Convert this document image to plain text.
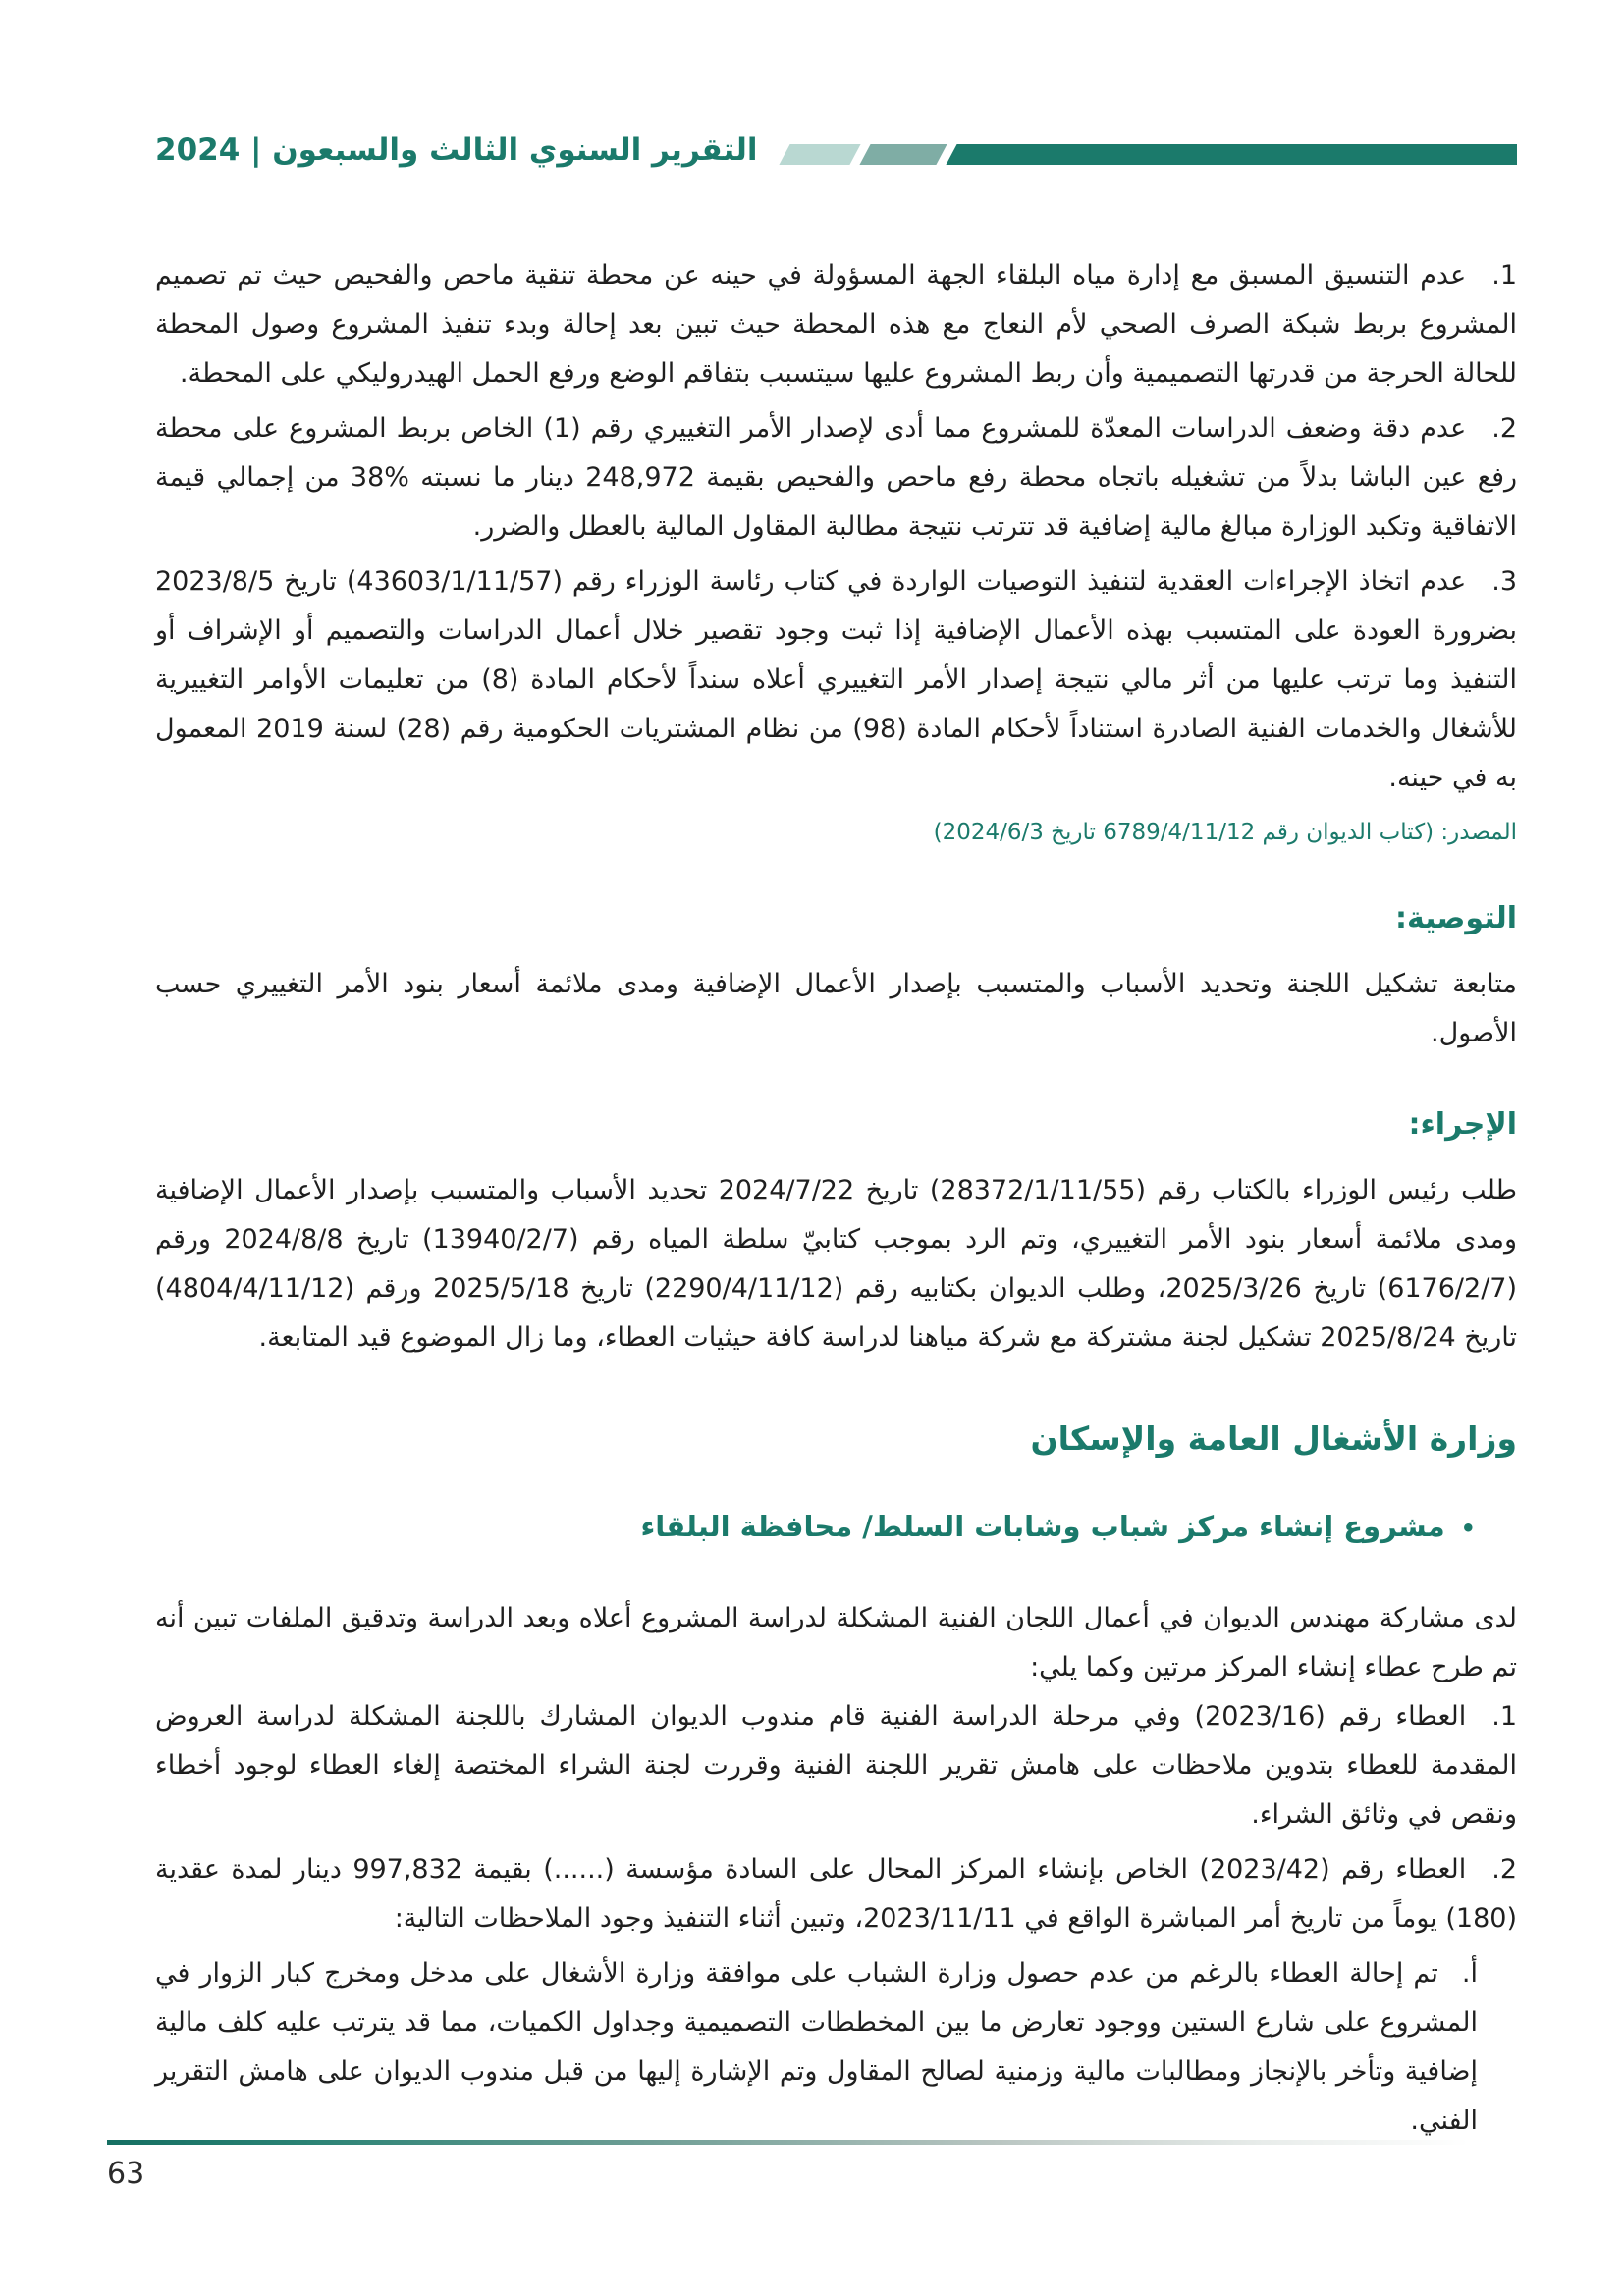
التقرير السنوي الثالث والسبعون | 2024

1.عدم التنسيق المسبق مع إدارة مياه البلقاء الجهة المسؤولة في حينه عن محطة تنقية ماحص والفحيص حيث تم تصميم المشروع بربط شبكة الصرف الصحي لأم النعاج مع هذه المحطة حيث تبين بعد إحالة وبدء تنفيذ المشروع وصول المحطة للحالة الحرجة من قدرتها التصميمية وأن ربط المشروع عليها سيتسبب بتفاقم الوضع ورفع الحمل الهيدروليكي على المحطة.

2.عدم دقة وضعف الدراسات المعدّة للمشروع مما أدى لإصدار الأمر التغييري رقم (1) الخاص بربط المشروع على محطة رفع عين الباشا بدلاً من تشغيله باتجاه محطة رفع ماحص والفحيص بقيمة 248,972 دينار ما نسبته %38 من إجمالي قيمة الاتفاقية وتكبد الوزارة مبالغ مالية إضافية قد تترتب نتيجة مطالبة المقاول المالية بالعطل والضرر.

3.عدم اتخاذ الإجراءات العقدية لتنفيذ التوصيات الواردة في كتاب رئاسة الوزراء رقم (43603/1/11/57) تاريخ 2023/8/5 بضرورة العودة على المتسبب بهذه الأعمال الإضافية إذا ثبت وجود تقصير خلال أعمال الدراسات والتصميم أو الإشراف أو التنفيذ وما ترتب عليها من أثر مالي نتيجة إصدار الأمر التغييري أعلاه سنداً لأحكام المادة (8) من تعليمات الأوامر التغييرية للأشغال والخدمات الفنية الصادرة استناداً لأحكام المادة (98) من نظام المشتريات الحكومية رقم (28) لسنة 2019 المعمول به في حينه.

المصدر: (كتاب الديوان رقم 6789/4/11/12 تاريخ 2024/6/3)

التوصية:

متابعة تشكيل اللجنة وتحديد الأسباب والمتسبب بإصدار الأعمال الإضافية ومدى ملائمة أسعار بنود الأمر التغييري حسب الأصول.

الإجراء:

طلب رئيس الوزراء بالكتاب رقم (28372/1/11/55) تاريخ 2024/7/22 تحديد الأسباب والمتسبب بإصدار الأعمال الإضافية ومدى ملائمة أسعار بنود الأمر التغييري، وتم الرد بموجب كتابيّ سلطة المياه رقم (13940/2/7) تاريخ 2024/8/8 ورقم (6176/2/7) تاريخ 2025/3/26، وطلب الديوان بكتابيه رقم (2290/4/11/12) تاريخ 2025/5/18 ورقم (4804/4/11/12) تاريخ 2025/8/24 تشكيل لجنة مشتركة مع شركة مياهنا لدراسة كافة حيثيات العطاء، وما زال الموضوع قيد المتابعة.

وزارة الأشغال العامة والإسكان

•مشروع إنشاء مركز شباب وشابات السلط/ محافظة البلقاء

لدى مشاركة مهندس الديوان في أعمال اللجان الفنية المشكلة لدراسة المشروع أعلاه وبعد الدراسة وتدقيق الملفات تبين أنه تم طرح عطاء إنشاء المركز مرتين وكما يلي:

1.العطاء رقم (2023/16) وفي مرحلة الدراسة الفنية قام مندوب الديوان المشارك باللجنة المشكلة لدراسة العروض المقدمة للعطاء بتدوين ملاحظات على هامش تقرير اللجنة الفنية وقررت لجنة الشراء المختصة إلغاء العطاء لوجود أخطاء ونقص في وثائق الشراء.

2.العطاء رقم (2023/42) الخاص بإنشاء المركز المحال على السادة مؤسسة (......) بقيمة 997,832 دينار لمدة عقدية (180) يوماً من تاريخ أمر المباشرة الواقع في 2023/11/11، وتبين أثناء التنفيذ وجود الملاحظات التالية:

أ.تم إحالة العطاء بالرغم من عدم حصول وزارة الشباب على موافقة وزارة الأشغال على مدخل ومخرج كبار الزوار في المشروع على شارع الستين ووجود تعارض ما بين المخططات التصميمية وجداول الكميات، مما قد يترتب عليه كلف مالية إضافية وتأخر بالإنجاز ومطالبات مالية وزمنية لصالح المقاول وتم الإشارة إليها من قبل مندوب الديوان على هامش التقرير الفني.

63
